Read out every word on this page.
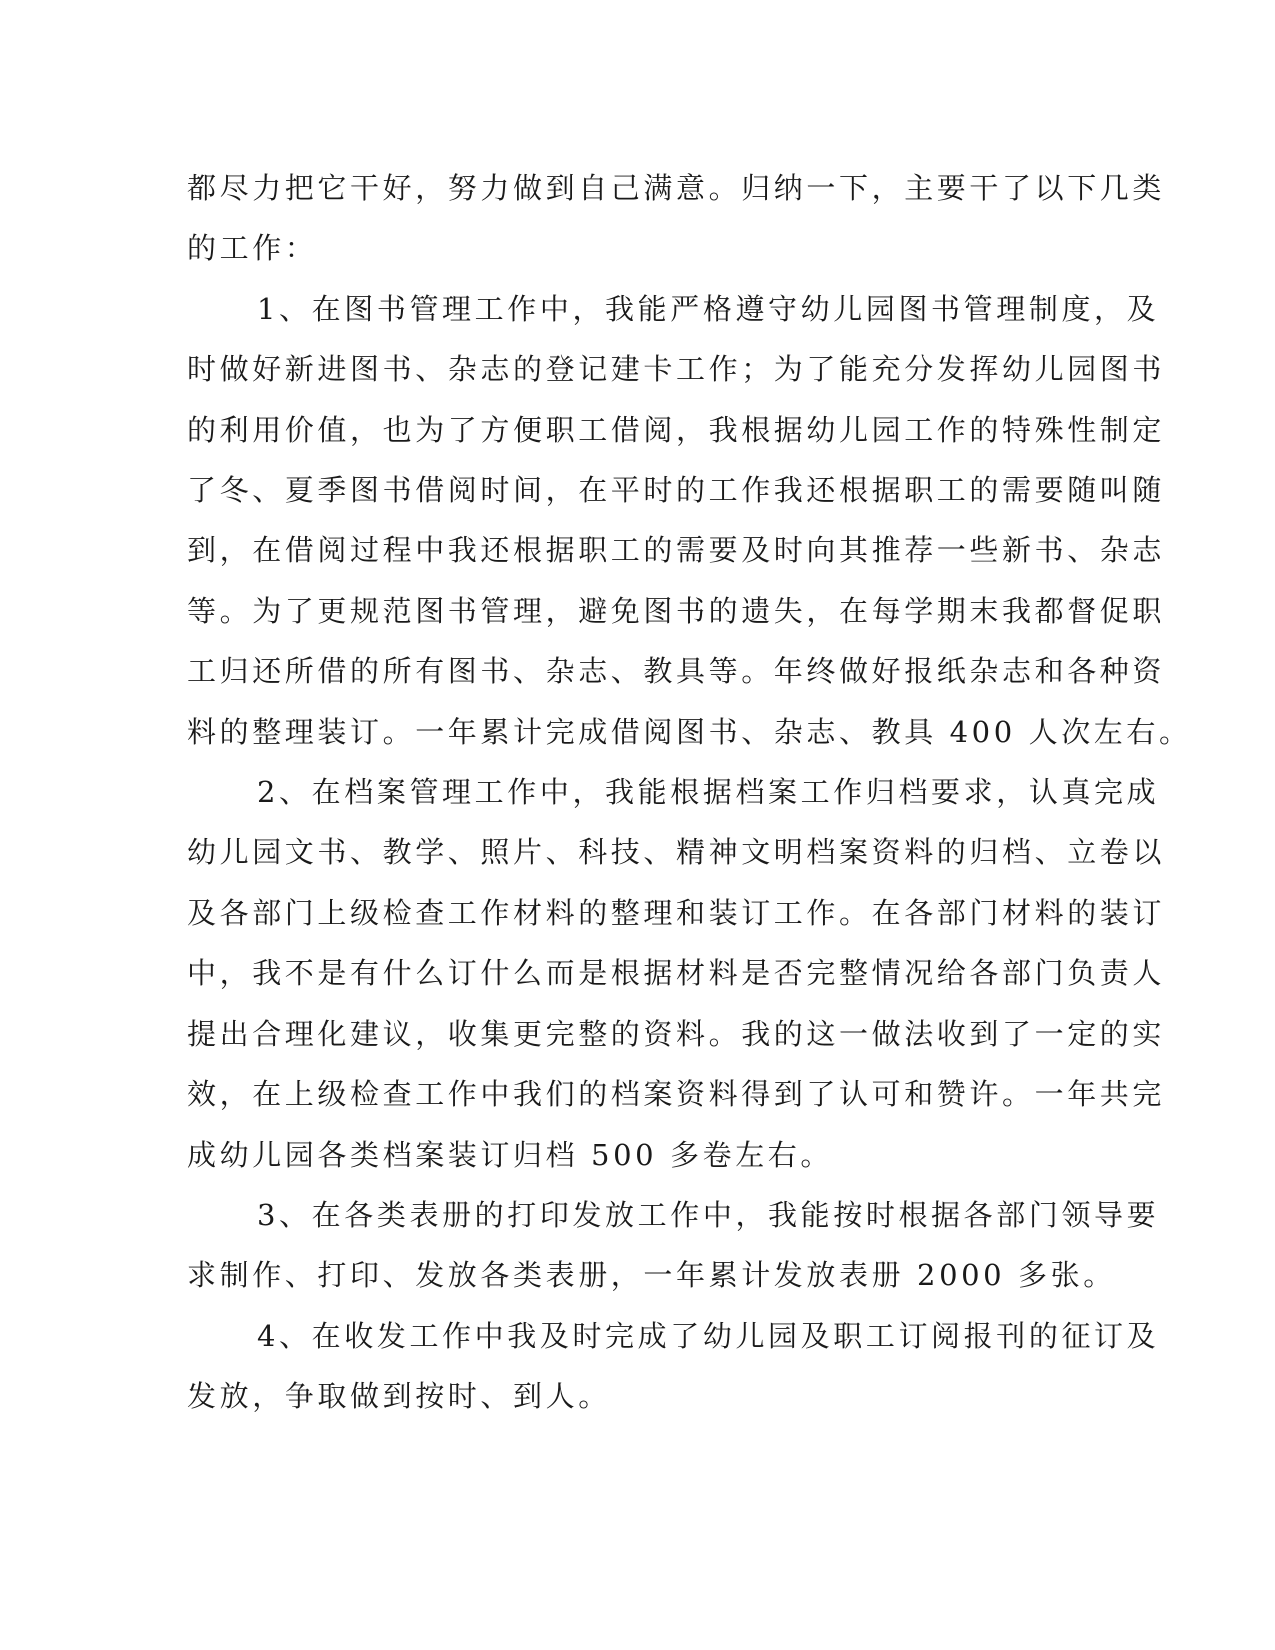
都尽力把它干好，努力做到自己满意。归纳一下，主要干了以下几类
的工作：

1、在图书管理工作中，我能严格遵守幼儿园图书管理制度，及
时做好新进图书、杂志的登记建卡工作；为了能充分发挥幼儿园图书
的利用价值，也为了方便职工借阅，我根据幼儿园工作的特殊性制定
了冬、夏季图书借阅时间，在平时的工作我还根据职工的需要随叫随
到，在借阅过程中我还根据职工的需要及时向其推荐一些新书、杂志
等。为了更规范图书管理，避免图书的遗失，在每学期末我都督促职
工归还所借的所有图书、杂志、教具等。年终做好报纸杂志和各种资
料的整理装订。一年累计完成借阅图书、杂志、教具 400 人次左右。

2、在档案管理工作中，我能根据档案工作归档要求，认真完成
幼儿园文书、教学、照片、科技、精神文明档案资料的归档、立卷以
及各部门上级检查工作材料的整理和装订工作。在各部门材料的装订
中，我不是有什么订什么而是根据材料是否完整情况给各部门负责人
提出合理化建议，收集更完整的资料。我的这一做法收到了一定的实
效，在上级检查工作中我们的档案资料得到了认可和赞许。一年共完
成幼儿园各类档案装订归档 500 多卷左右。

3、在各类表册的打印发放工作中，我能按时根据各部门领导要
求制作、打印、发放各类表册，一年累计发放表册 2000 多张。

4、在收发工作中我及时完成了幼儿园及职工订阅报刊的征订及
发放，争取做到按时、到人。
